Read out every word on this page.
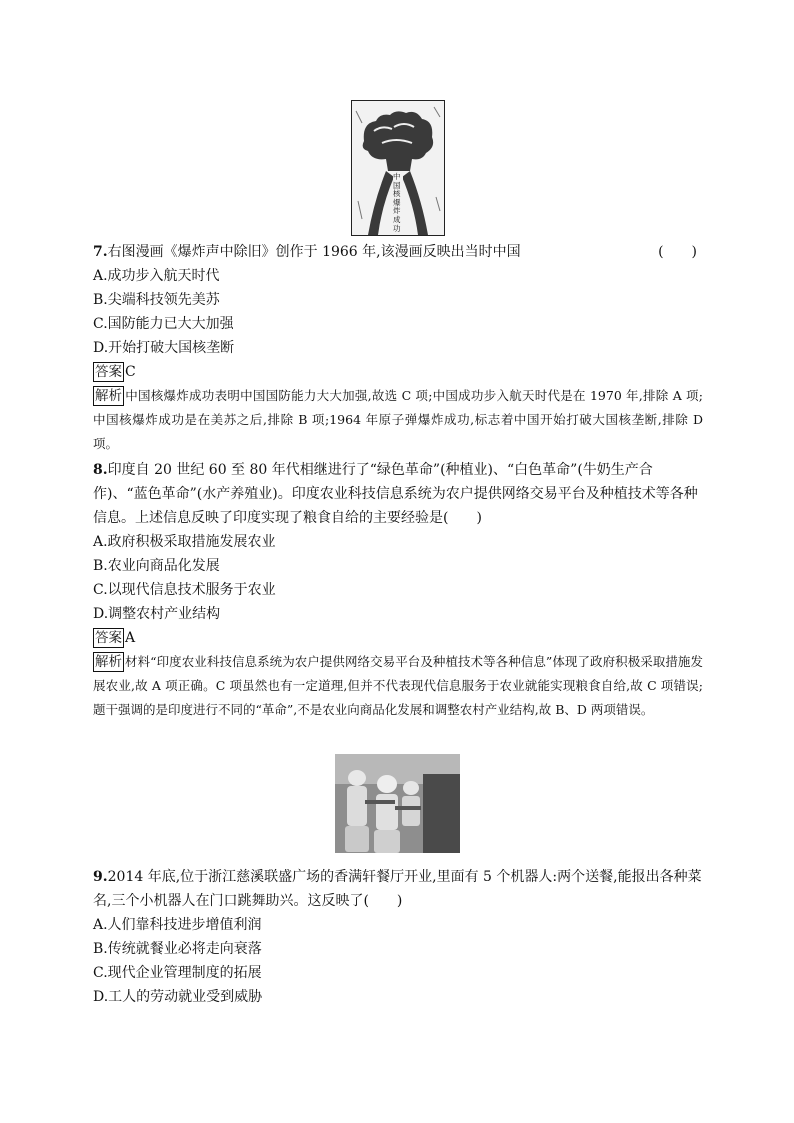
中国核爆炸成功
7.右图漫画《爆炸声中除旧》创作于 1966 年,该漫画反映出当时中国	(　　)
A.成功步入航天时代
B.尖端科技领先美苏
C.国防能力已大大加强
D.开始打破大国核垄断
答案 C
解析 中国核爆炸成功表明中国国防能力大大加强,故选 C 项;中国成功步入航天时代是在 1970 年,排除 A 项;中国核爆炸成功是在美苏之后,排除 B 项;1964 年原子弹爆炸成功,标志着中国开始打破大国核垄断,排除 D 项。
8.印度自 20 世纪 60 至 80 年代相继进行了“绿色革命”(种植业)、“白色革命”(牛奶生产合作)、“蓝色革命”(水产养殖业)。印度农业科技信息系统为农户提供网络交易平台及种植技术等各种信息。上述信息反映了印度实现了粮食自给的主要经验是(　　)
A.政府积极采取措施发展农业
B.农业向商品化发展
C.以现代信息技术服务于农业
D.调整农村产业结构
答案 A
解析 材料“印度农业科技信息系统为农户提供网络交易平台及种植技术等各种信息”体现了政府积极采取措施发展农业,故 A 项正确。C 项虽然也有一定道理,但并不代表现代信息服务于农业就能实现粮食自给,故 C 项错误;题干强调的是印度进行不同的“革命”,不是农业向商品化发展和调整农村产业结构,故 B、D 两项错误。
9.2014 年底,位于浙江慈溪联盛广场的香满轩餐厅开业,里面有 5 个机器人:两个送餐,能报出各种菜名,三个小机器人在门口跳舞助兴。这反映了(　　)
A.人们靠科技进步增值利润
B.传统就餐业必将走向衰落
C.现代企业管理制度的拓展
D.工人的劳动就业受到威胁
